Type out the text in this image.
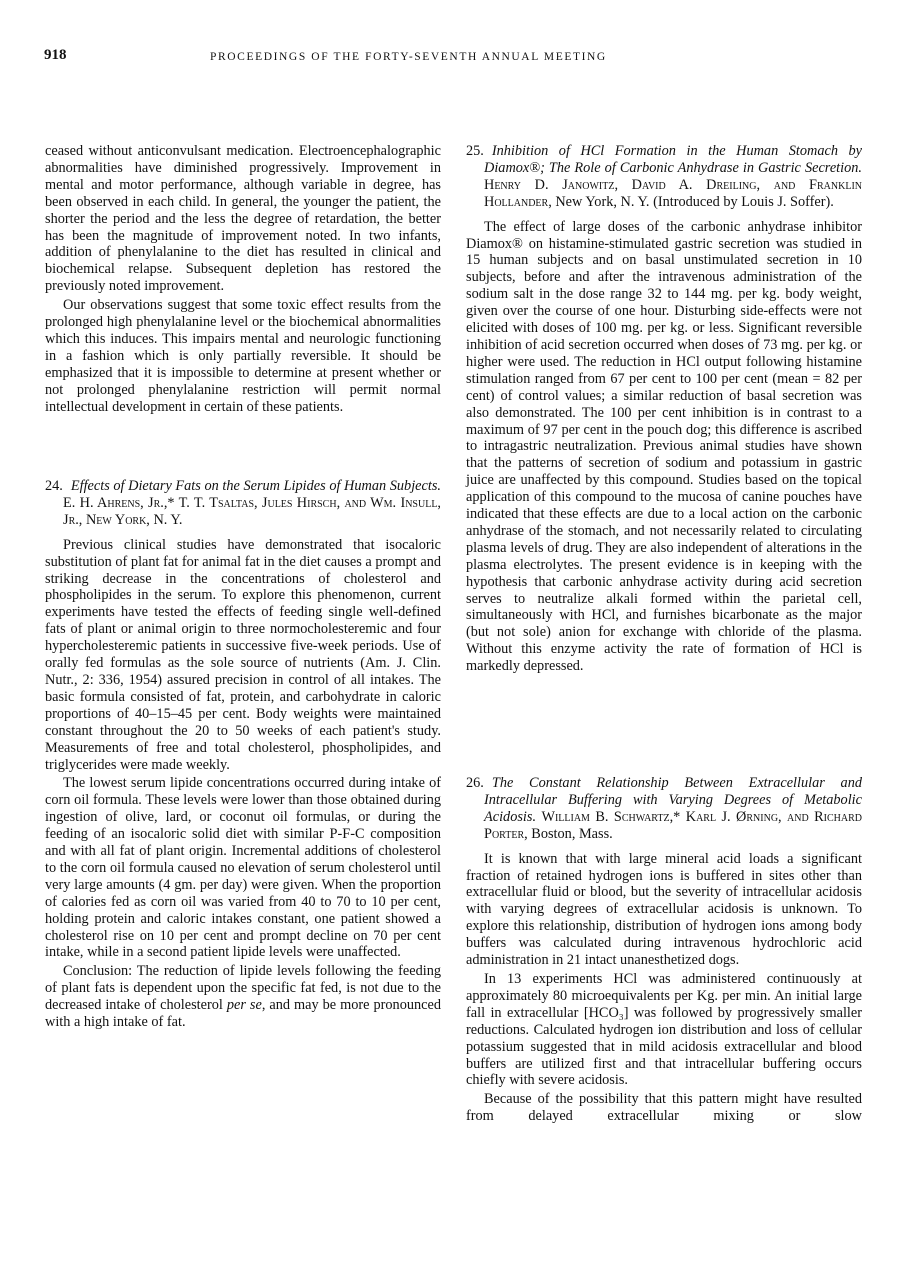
918	PROCEEDINGS OF THE FORTY-SEVENTH ANNUAL MEETING

ceased without anticonvulsant medication. Electroencephalographic abnormalities have diminished progressively. Improvement in mental and motor performance, although variable in degree, has been observed in each child. In general, the younger the patient, the shorter the period and the less the degree of retardation, the better has been the magnitude of improvement noted. In two infants, addition of phenylalanine to the diet has resulted in clinical and biochemical relapse. Subsequent depletion has restored the previously noted improvement.

Our observations suggest that some toxic effect results from the prolonged high phenylalanine level or the biochemical abnormalities which this induces. This impairs mental and neurologic functioning in a fashion which is only partially reversible. It should be emphasized that it is impossible to determine at present whether or not prolonged phenylalanine restriction will permit normal intellectual development in certain of these patients.

24. Effects of Dietary Fats on the Serum Lipides of Human Subjects. E. H. Ahrens, Jr.,* T. T. Tsaltas, Jules Hirsch, and Wm. Insull, Jr., New York, N. Y.

Previous clinical studies have demonstrated that isocaloric substitution of plant fat for animal fat in the diet causes a prompt and striking decrease in the concentrations of cholesterol and phospholipides in the serum. To explore this phenomenon, current experiments have tested the effects of feeding single well-defined fats of plant or animal origin to three normocholesteremic and four hypercholesteremic patients in successive five-week periods. Use of orally fed formulas as the sole source of nutrients (Am. J. Clin. Nutr., 2: 336, 1954) assured precision in control of all intakes. The basic formula consisted of fat, protein, and carbohydrate in caloric proportions of 40–15–45 per cent. Body weights were maintained constant throughout the 20 to 50 weeks of each patient's study. Measurements of free and total cholesterol, phospholipides, and triglycerides were made weekly.

The lowest serum lipide concentrations occurred during intake of corn oil formula. These levels were lower than those obtained during ingestion of olive, lard, or coconut oil formulas, or during the feeding of an isocaloric solid diet with similar P-F-C composition and with all fat of plant origin. Incremental additions of cholesterol to the corn oil formula caused no elevation of serum cholesterol until very large amounts (4 gm. per day) were given. When the proportion of calories fed as corn oil was varied from 40 to 70 to 10 per cent, holding protein and caloric intakes constant, one patient showed a cholesterol rise on 10 per cent and prompt decline on 70 per cent intake, while in a second patient lipide levels were unaffected.

Conclusion: The reduction of lipide levels following the feeding of plant fats is dependent upon the specific fat fed, is not due to the decreased intake of cholesterol per se, and may be more pronounced with a high intake of fat.

25. Inhibition of HCl Formation in the Human Stomach by Diamox®; The Role of Carbonic Anhydrase in Gastric Secretion. Henry D. Janowitz, David A. Dreiling, and Franklin Hollander, New York, N. Y. (Introduced by Louis J. Soffer).

The effect of large doses of the carbonic anhydrase inhibitor Diamox® on histamine-stimulated gastric secretion was studied in 15 human subjects and on basal unstimulated secretion in 10 subjects, before and after the intravenous administration of the sodium salt in the dose range 32 to 144 mg. per kg. body weight, given over the course of one hour. Disturbing side-effects were not elicited with doses of 100 mg. per kg. or less. Significant reversible inhibition of acid secretion occurred when doses of 73 mg. per kg. or higher were used. The reduction in HCl output following histamine stimulation ranged from 67 per cent to 100 per cent (mean = 82 per cent) of control values; a similar reduction of basal secretion was also demonstrated. The 100 per cent inhibition is in contrast to a maximum of 97 per cent in the pouch dog; this difference is ascribed to intragastric neutralization. Previous animal studies have shown that the patterns of secretion of sodium and potassium in gastric juice are unaffected by this compound. Studies based on the topical application of this compound to the mucosa of canine pouches have indicated that these effects are due to a local action on the carbonic anhydrase of the stomach, and not necessarily related to circulating plasma levels of drug. They are also independent of alterations in the plasma electrolytes. The present evidence is in keeping with the hypothesis that carbonic anhydrase activity during acid secretion serves to neutralize alkali formed within the parietal cell, simultaneously with HCl, and furnishes bicarbonate as the major (but not sole) anion for exchange with chloride of the plasma. Without this enzyme activity the rate of formation of HCl is markedly depressed.

26. The Constant Relationship Between Extracellular and Intracellular Buffering with Varying Degrees of Metabolic Acidosis. William B. Schwartz,* Karl J. Ørning, and Richard Porter, Boston, Mass.

It is known that with large mineral acid loads a significant fraction of retained hydrogen ions is buffered in sites other than extracellular fluid or blood, but the severity of intracellular acidosis with varying degrees of extracellular acidosis is unknown. To explore this relationship, distribution of hydrogen ions among body buffers was calculated during intravenous hydrochloric acid administration in 21 intact unanesthetized dogs.

In 13 experiments HCl was administered continuously at approximately 80 microequivalents per Kg. per min. An initial large fall in extracellular [HCO₃] was followed by progressively smaller reductions. Calculated hydrogen ion distribution and loss of cellular potassium suggested that in mild acidosis extracellular and blood buffers are utilized first and that intracellular buffering occurs chiefly with severe acidosis.

Because of the possibility that this pattern might have resulted from delayed extracellular mixing or slow
